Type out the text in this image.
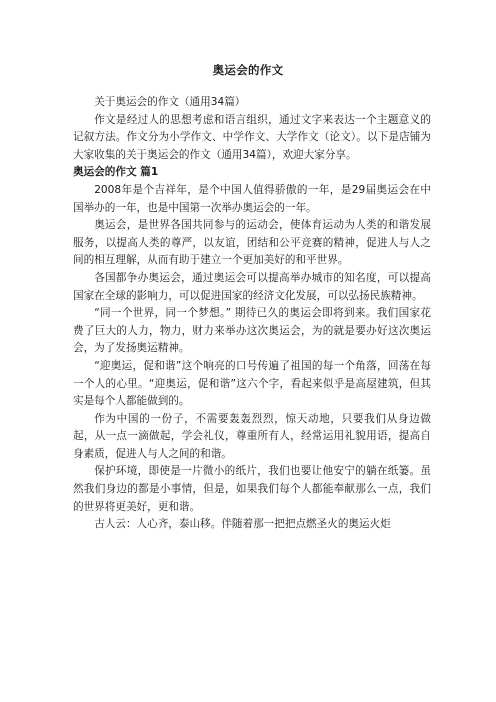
奥运会的作文

关于奥运会的作文（通用34篇）

作文是经过人的思想考虑和语言组织，通过文字来表达一个主题意义的记叙方法。作文分为小学作文、中学作文、大学作文（论文）。以下是店铺为大家收集的关于奥运会的作文（通用34篇），欢迎大家分享。

奥运会的作文 篇1

2008年是个吉祥年，是个中国人值得骄傲的一年，是29届奥运会在中国举办的一年，也是中国第一次举办奥运会的一年。

奥运会，是世界各国共同参与的运动会，使体育运动为人类的和谐发展服务，以提高人类的尊严，以友谊，团结和公平竞赛的精神，促进人与人之间的相互理解，从而有助于建立一个更加美好的和平世界。

各国都争办奥运会，通过奥运会可以提高举办城市的知名度，可以提高国家在全球的影响力，可以促进国家的经济文化发展，可以弘扬民族精神。

“同一个世界，同一个梦想。” 期待已久的奥运会即将到来。我们国家花费了巨大的人力，物力，财力来举办这次奥运会，为的就是要办好这次奥运会，为了发扬奥运精神。

“迎奥运，促和谐”这个响亮的口号传遍了祖国的每一个角落，回荡在每一个人的心里。“迎奥运，促和谐”这六个字，看起来似乎是高屋建筑，但其实是每个人都能做到的。

作为中国的一份子，不需要轰轰烈烈，惊天动地，只要我们从身边做起，从一点一滴做起，学会礼仪，尊重所有人，经常运用礼貌用语，提高自身素质，促进人与人之间的和谐。

保护环境，即使是一片微小的纸片，我们也要让他安宁的躺在纸篓。虽然我们身边的都是小事情，但是，如果我们每个人都能奉献那么一点，我们的世界将更美好，更和谐。

古人云：人心齐，泰山移。伴随着那一把把点燃圣火的奥运火炬
